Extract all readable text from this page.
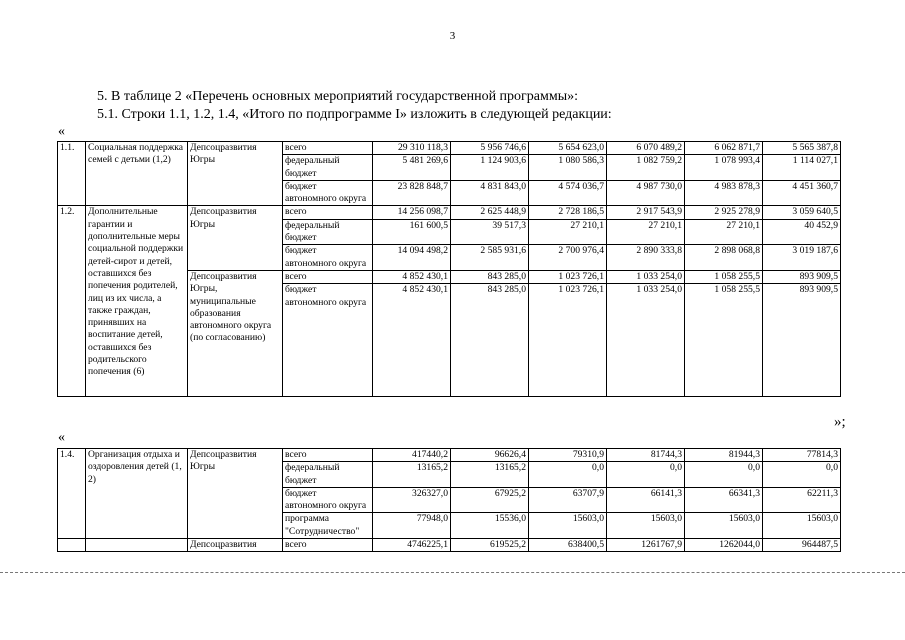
3
5. В таблице 2 «Перечень основных мероприятий государственной программы»:
5.1. Строки 1.1, 1.2, 1.4, «Итого по подпрограмме I» изложить в следующей редакции:
«
»;
«
1.1.	Социальная поддержка семей с детьми (1,2)	Депсоцразвития Югры	всего	29 310 118,3	5 956 746,6	5 654 623,0	6 070 489,2	6 062 871,7	5 565 387,8
			федеральный бюджет	5 481 269,6	1 124 903,6	1 080 586,3	1 082 759,2	1 078 993,4	1 114 027,1
			бюджет автономного округа	23 828 848,7	4 831 843,0	4 574 036,7	4 987 730,0	4 983 878,3	4 451 360,7
1.2.	Дополнительные гарантии и дополнительные меры социальной поддержки детей-сирот и детей, оставшихся без попечения родителей, лиц из их числа, а также граждан, принявших на воспитание детей, оставшихся без родительского попечения (6)	Депсоцразвития Югры	всего	14 256 098,7	2 625 448,9	2 728 186,5	2 917 543,9	2 925 278,9	3 059 640,5
			федеральный бюджет	161 600,5	39 517,3	27 210,1	27 210,1	27 210,1	40 452,9
			бюджет автономного округа	14 094 498,2	2 585 931,6	2 700 976,4	2 890 333,8	2 898 068,8	3 019 187,6
		Депсоцразвития Югры, муниципальные образования автономного округа (по согласованию)	всего	4 852 430,1	843 285,0	1 023 726,1	1 033 254,0	1 058 255,5	893 909,5
			бюджет автономного округа	4 852 430,1	843 285,0	1 023 726,1	1 033 254,0	1 058 255,5	893 909,5
1.4.	Организация отдыха и оздоровления детей (1, 2)	Депсоцразвития Югры	всего	417440,2	96626,4	79310,9	81744,3	81944,3	77814,3
			федеральный бюджет	13165,2	13165,2	0,0	0,0	0,0	0,0
			бюджет автономного округа	326327,0	67925,2	63707,9	66141,3	66341,3	62211,3
			программа "Сотрудничество"	77948,0	15536,0	15603,0	15603,0	15603,0	15603,0
		Депсоцразвития	всего	4746225,1	619525,2	638400,5	1261767,9	1262044,0	964487,5
